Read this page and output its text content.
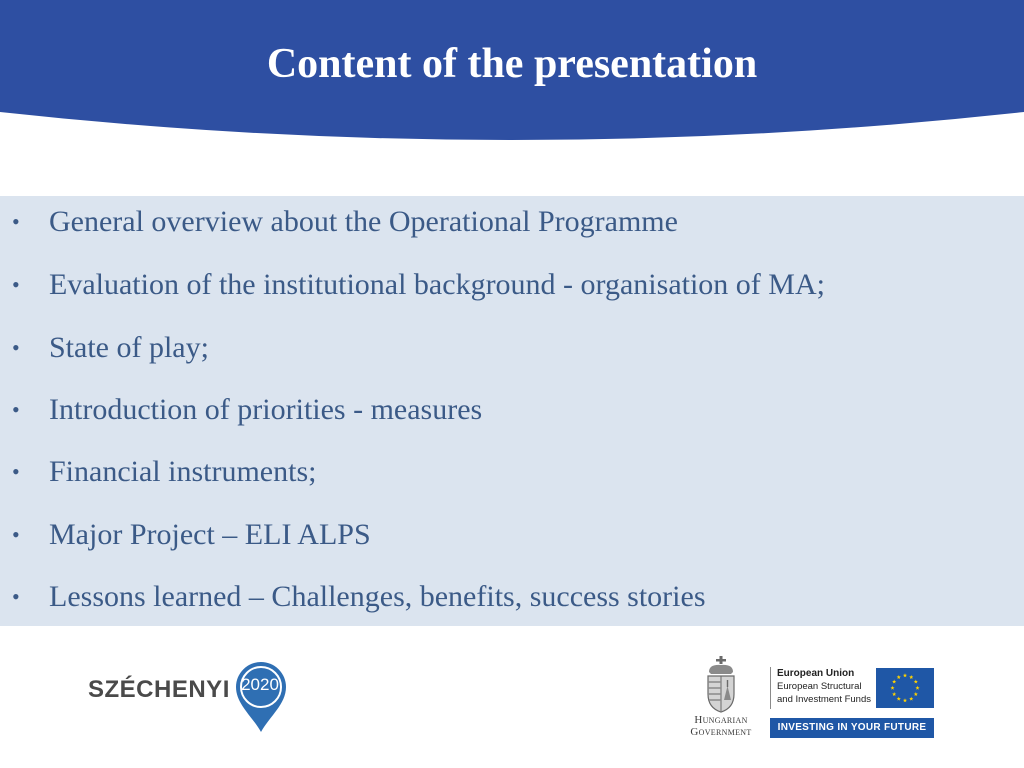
Content of the presentation
• General overview about the Operational Programme
• Evaluation of the institutional background - organisation of MA;
• State of play;
• Introduction of priorities - measures
• Financial instruments;
• Major Project – ELI ALPS
• Lessons learned – Challenges, benefits, success stories
SZÉCHENYI 2020
Hungarian
Government
European Union
European Structural
and Investment Funds
INVESTING IN YOUR FUTURE
